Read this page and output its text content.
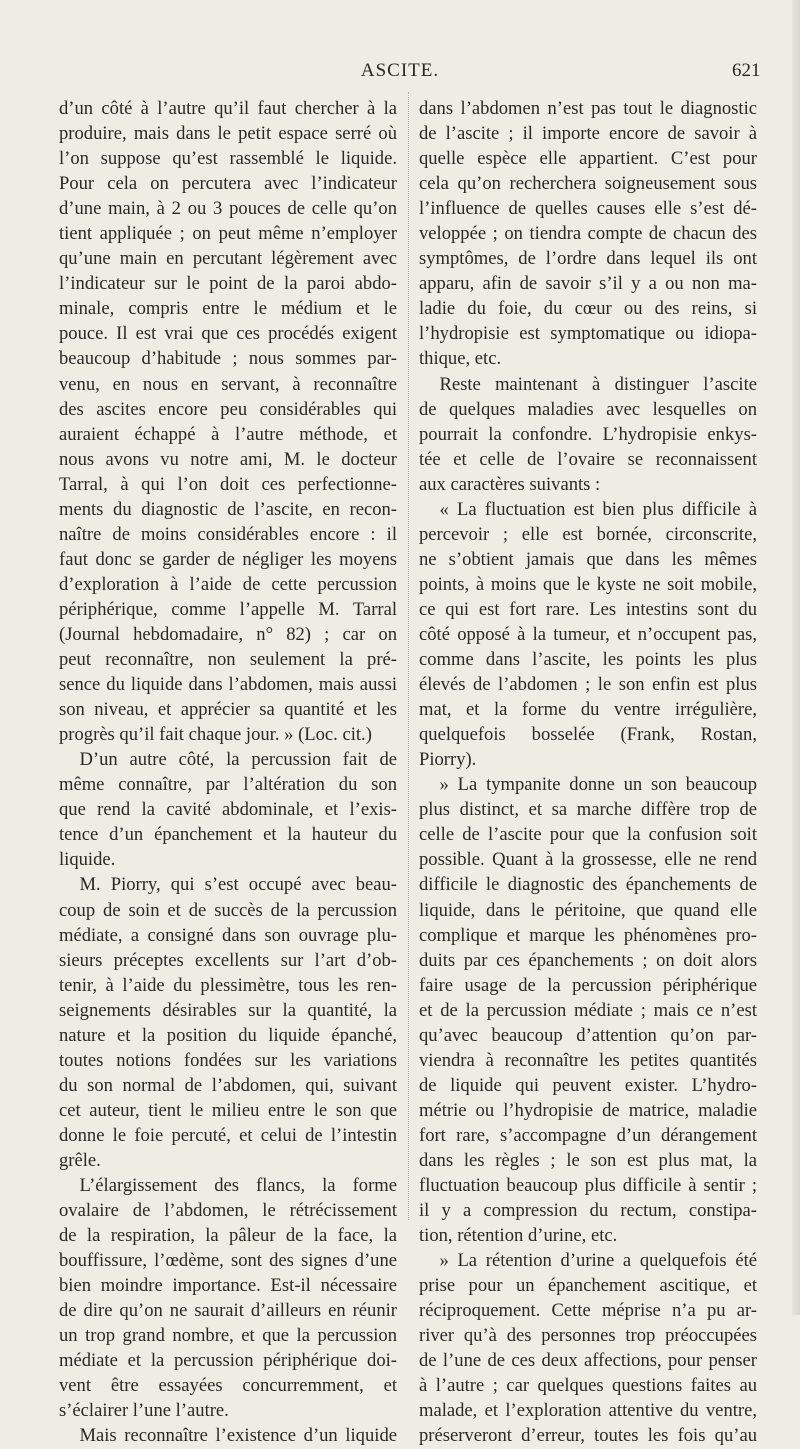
ASCITE.	621

d’un côté à l’autre qu’il faut chercher à la
produire, mais dans le petit espace serré où
l’on suppose qu’est rassemblé le liquide.
Pour cela on percutera avec l’indicateur
d’une main, à 2 ou 3 pouces de celle qu’on
tient appliquée ; on peut même n’employer
qu’une main en percutant légèrement avec
l’indicateur sur le point de la paroi abdo-
minale, compris entre le médium et le
pouce. Il est vrai que ces procédés exigent
beaucoup d’habitude ; nous sommes par-
venu, en nous en servant, à reconnaître
des ascites encore peu considérables qui
auraient échappé à l’autre méthode, et
nous avons vu notre ami, M. le docteur
Tarral, à qui l’on doit ces perfectionne-
ments du diagnostic de l’ascite, en recon-
naître de moins considérables encore : il
faut donc se garder de négliger les moyens
d’exploration à l’aide de cette percussion
périphérique, comme l’appelle M. Tarral
(Journal hebdomadaire, n° 82) ; car on
peut reconnaître, non seulement la pré-
sence du liquide dans l’abdomen, mais aussi
son niveau, et apprécier sa quantité et les
progrès qu’il fait chaque jour. » (Loc. cit.)

D’un autre côté, la percussion fait de
même connaître, par l’altération du son
que rend la cavité abdominale, et l’exis-
tence d’un épanchement et la hauteur du
liquide.

M. Piorry, qui s’est occupé avec beau-
coup de soin et de succès de la percussion
médiate, a consigné dans son ouvrage plu-
sieurs préceptes excellents sur l’art d’ob-
tenir, à l’aide du plessimètre, tous les ren-
seignements désirables sur la quantité, la
nature et la position du liquide épanché,
toutes notions fondées sur les variations
du son normal de l’abdomen, qui, suivant
cet auteur, tient le milieu entre le son que
donne le foie percuté, et celui de l’intestin
grêle.

L’élargissement des flancs, la forme
ovalaire de l’abdomen, le rétrécissement
de la respiration, la pâleur de la face, la
bouffissure, l’œdème, sont des signes d’une
bien moindre importance. Est-il nécessaire
de dire qu’on ne saurait d’ailleurs en réunir
un trop grand nombre, et que la percussion
médiate et la percussion périphérique doi-
vent être essayées concurremment, et
s’éclairer l’une l’autre.

Mais reconnaître l’existence d’un liquide

dans l’abdomen n’est pas tout le diagnostic
de l’ascite ; il importe encore de savoir à
quelle espèce elle appartient. C’est pour
cela qu’on recherchera soigneusement sous
l’influence de quelles causes elle s’est dé-
veloppée ; on tiendra compte de chacun des
symptômes, de l’ordre dans lequel ils ont
apparu, afin de savoir s’il y a ou non ma-
ladie du foie, du cœur ou des reins, si
l’hydropisie est symptomatique ou idiopa-
thique, etc.

Reste maintenant à distinguer l’ascite
de quelques maladies avec lesquelles on
pourrait la confondre. L’hydropisie enkys-
tée et celle de l’ovaire se reconnaissent
aux caractères suivants :

« La fluctuation est bien plus difficile à
percevoir ; elle est bornée, circonscrite,
ne s’obtient jamais que dans les mêmes
points, à moins que le kyste ne soit mobile,
ce qui est fort rare. Les intestins sont du
côté opposé à la tumeur, et n’occupent pas,
comme dans l’ascite, les points les plus
élevés de l’abdomen ; le son enfin est plus
mat, et la forme du ventre irrégulière,
quelquefois bosselée (Frank, Rostan,
Piorry).

» La tympanite donne un son beaucoup
plus distinct, et sa marche diffère trop de
celle de l’ascite pour que la confusion soit
possible. Quant à la grossesse, elle ne rend
difficile le diagnostic des épanchements de
liquide, dans le péritoine, que quand elle
complique et marque les phénomènes pro-
duits par ces épanchements ; on doit alors
faire usage de la percussion périphérique
et de la percussion médiate ; mais ce n’est
qu’avec beaucoup d’attention qu’on par-
viendra à reconnaître les petites quantités
de liquide qui peuvent exister. L’hydro-
métrie ou l’hydropisie de matrice, maladie
fort rare, s’accompagne d’un dérangement
dans les règles ; le son est plus mat, la
fluctuation beaucoup plus difficile à sentir ;
il y a compression du rectum, constipa-
tion, rétention d’urine, etc.

» La rétention d’urine a quelquefois été
prise pour un épanchement ascitique, et
réciproquement. Cette méprise n’a pu ar-
river qu’à des personnes trop préoccupées
de l’une de ces deux affections, pour penser
à l’autre ; car quelques questions faites au
malade, et l’exploration attentive du ventre,
préserveront d’erreur, toutes les fois qu’au
